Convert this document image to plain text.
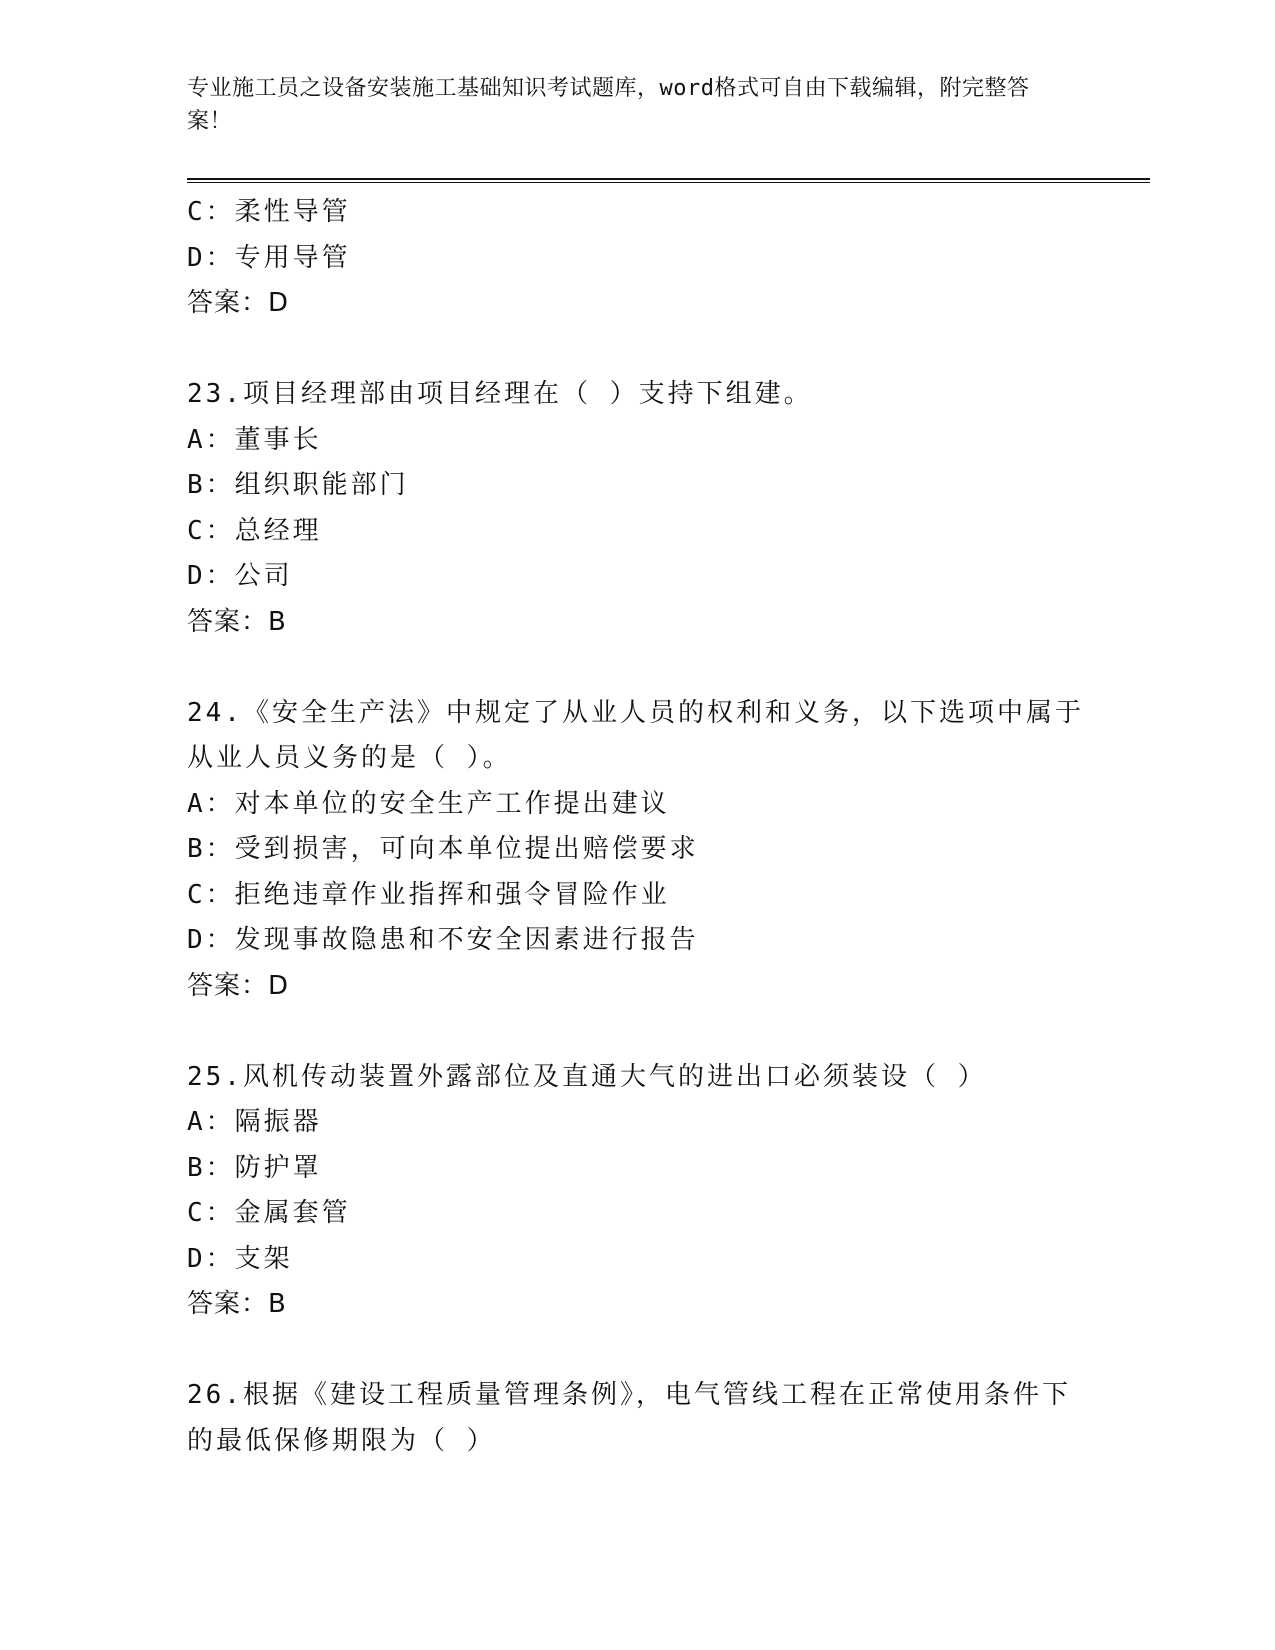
专业施工员之设备安装施工基础知识考试题库，word格式可自由下载编辑，附完整答案！
C：柔性导管
D：专用导管
答案：D
23.项目经理部由项目经理在（ ）支持下组建。
A：董事长
B：组织职能部门
C：总经理
D：公司
答案：B
24.《安全生产法》中规定了从业人员的权利和义务，以下选项中属于从业人员义务的是（ ）。
A：对本单位的安全生产工作提出建议
B：受到损害，可向本单位提出赔偿要求
C：拒绝违章作业指挥和强令冒险作业
D：发现事故隐患和不安全因素进行报告
答案：D
25.风机传动装置外露部位及直通大气的进出口必须装设（ ）
A：隔振器
B：防护罩
C：金属套管
D：支架
答案：B
26.根据《建设工程质量管理条例》，电气管线工程在正常使用条件下的最低保修期限为（ ）
